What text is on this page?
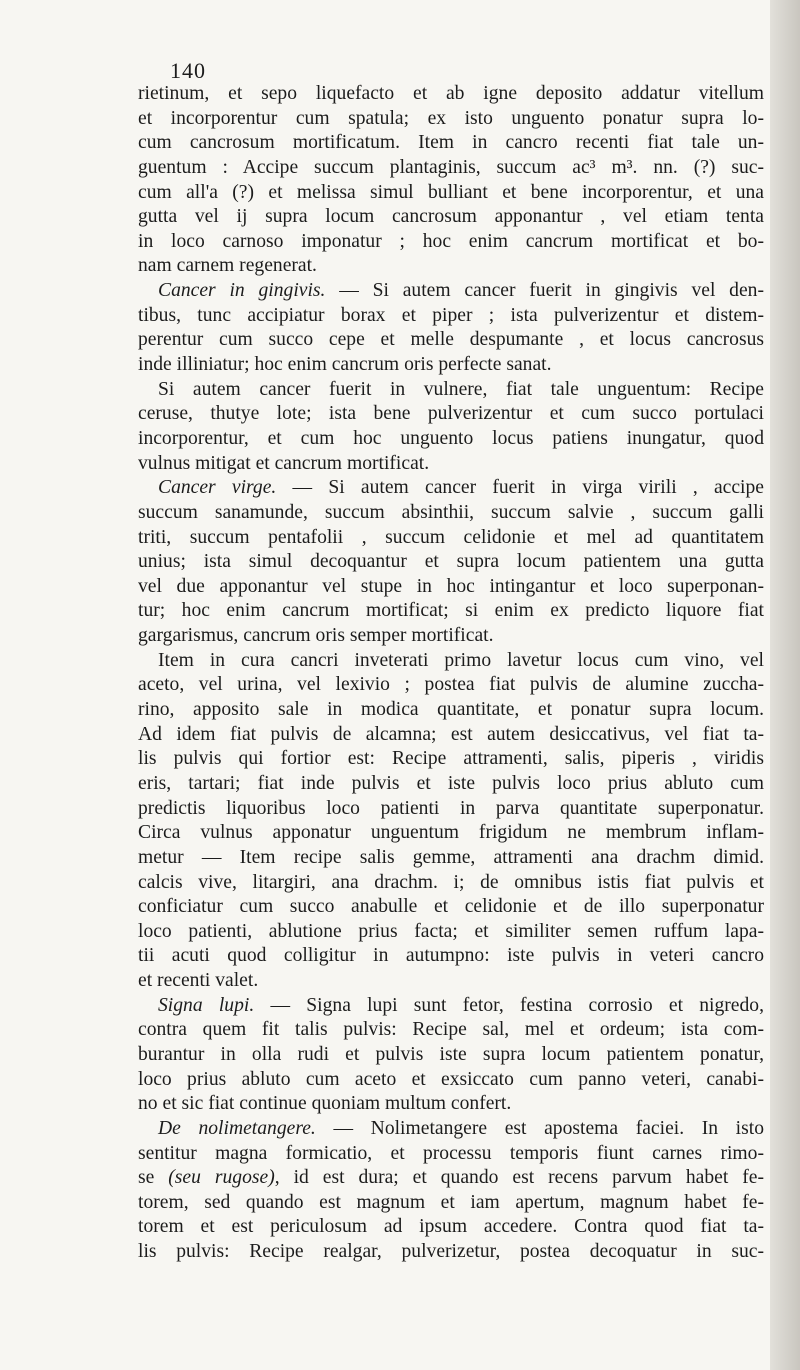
140
rietinum, et sepo liquefacto et ab igne deposito addatur vitellum
et incorporentur cum spatula; ex isto unguento ponatur supra lo-
cum cancrosum mortificatum. Item in cancro recenti fiat tale un-
guentum : Accipe succum plantaginis, succum ac³ m³. nn. (?) suc-
cum all'a (?) et melissa simul bulliant et bene incorporentur, et una
gutta vel ij supra locum cancrosum apponantur , vel etiam tenta
in loco carnoso imponatur ; hoc enim cancrum mortificat et bo-
nam carnem regenerat.
Cancer in gingivis. — Si autem cancer fuerit in gingivis vel den-
tibus, tunc accipiatur borax et piper ; ista pulverizentur et distem-
perentur cum succo cepe et melle despumante , et locus cancrosus
inde illiniatur; hoc enim cancrum oris perfecte sanat.
Si autem cancer fuerit in vulnere, fiat tale unguentum: Recipe
ceruse, thutye lote; ista bene pulverizentur et cum succo portulaci
incorporentur, et cum hoc unguento locus patiens inungatur, quod
vulnus mitigat et cancrum mortificat.
Cancer virge. — Si autem cancer fuerit in virga virili , accipe
succum sanamunde, succum absinthii, succum salvie , succum galli
triti, succum pentafolii , succum celidonie et mel ad quantitatem
unius; ista simul decoquantur et supra locum patientem una gutta
vel due apponantur vel stupe in hoc intingantur et loco superponan-
tur; hoc enim cancrum mortificat; si enim ex predicto liquore fiat
gargarismus, cancrum oris semper mortificat.
Item in cura cancri inveterati primo lavetur locus cum vino, vel
aceto, vel urina, vel lexivio ; postea fiat pulvis de alumine zuccha-
rino, apposito sale in modica quantitate, et ponatur supra locum.
Ad idem fiat pulvis de alcamna; est autem desiccativus, vel fiat ta-
lis pulvis qui fortior est: Recipe attramenti, salis, piperis , viridis
eris, tartari; fiat inde pulvis et iste pulvis loco prius abluto cum
predictis liquoribus loco patienti in parva quantitate superponatur.
Circa vulnus apponatur unguentum frigidum ne membrum inflam-
metur — Item recipe salis gemme, attramenti ana drachm dimid.
calcis vive, litargiri, ana drachm. i; de omnibus istis fiat pulvis et
conficiatur cum succo anabulle et celidonie et de illo superponatur
loco patienti, ablutione prius facta; et similiter semen ruffum lapa-
tii acuti quod colligitur in autumpno: iste pulvis in veteri cancro
et recenti valet.
Signa lupi. — Signa lupi sunt fetor, festina corrosio et nigredo,
contra quem fit talis pulvis: Recipe sal, mel et ordeum; ista com-
burantur in olla rudi et pulvis iste supra locum patientem ponatur,
loco prius abluto cum aceto et exsiccato cum panno veteri, canabi-
no et sic fiat continue quoniam multum confert.
De nolimetangere. — Nolimetangere est apostema faciei. In isto
sentitur magna formicatio, et processu temporis fiunt carnes rimo-
se (seu rugose), id est dura; et quando est recens parvum habet fe-
torem, sed quando est magnum et iam apertum, magnum habet fe-
torem et est periculosum ad ipsum accedere. Contra quod fiat ta-
lis pulvis: Recipe realgar, pulverizetur, postea decoquatur in suc-
